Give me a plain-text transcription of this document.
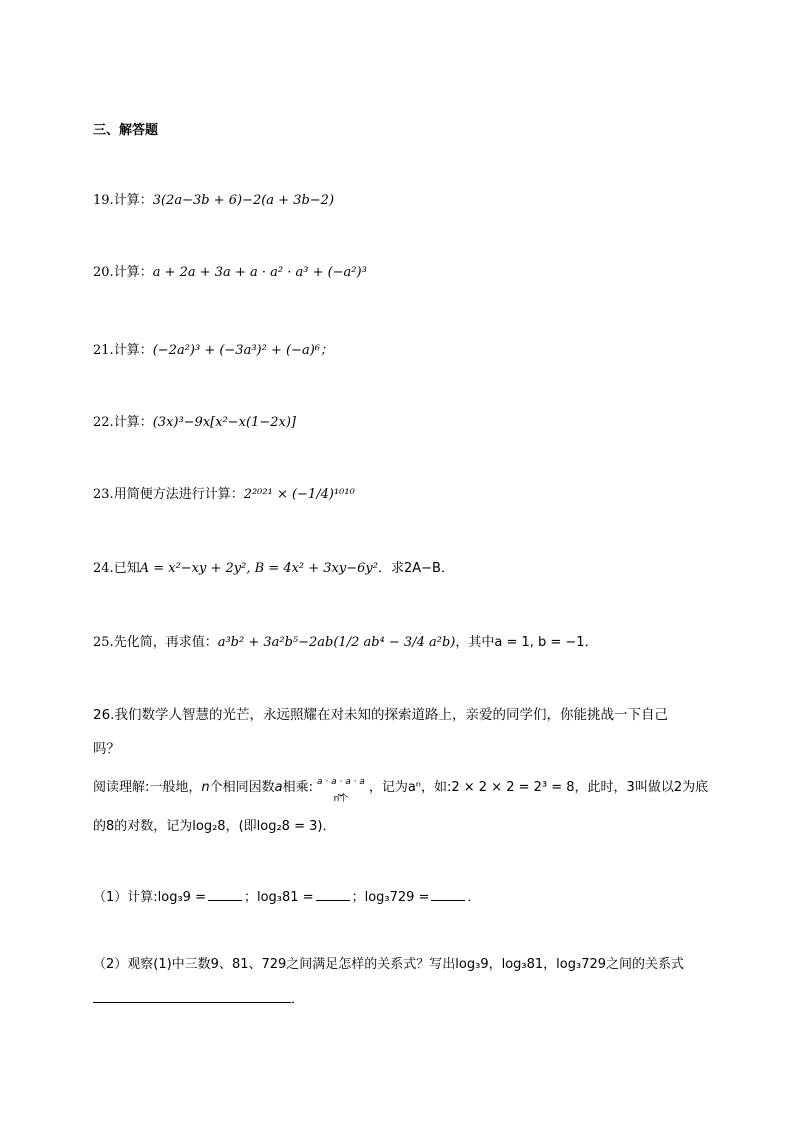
三、解答题
19.计算：3(2a−3b + 6)−2(a + 3b−2)
20.计算：a + 2a + 3a + a · a² · a³ + (−a²)³
21.计算：(−2a²)³ + (−3a³)² + (−a)⁶；
22.计算：(3x)³−9x[x²−x(1−2x)]
23.用简便方法进行计算：2²⁰²¹ × (−1/4)¹⁰¹⁰
24.已知A = x²−xy + 2y², B = 4x² + 3xy−6y²．求2A−B．
25.先化简，再求值：a³b² + 3a²b⁵−2ab(1/2 ab⁴ − 3/4 a²b)，其中a = 1, b = −1．
26.我们数学人智慧的光芒，永远照耀在对未知的探索道路上，亲爱的同学们，你能挑战一下自己
吗？
阅读理解:一般地，n个相同因数a相乘: a · a · a · a
⏟
n个
，记为aⁿ，如:2 × 2 × 2 = 2³ = 8，此时，3叫做以2为底
的8的对数，记为log₂8，(即log₂8 = 3)．
（1）计算:log₃9 =	；log₃81 =	；log₃729 =	．
（2）观察(1)中三数9、81、729之间满足怎样的关系式？写出log₃9，log₃81，log₃729之间的关系式
．
